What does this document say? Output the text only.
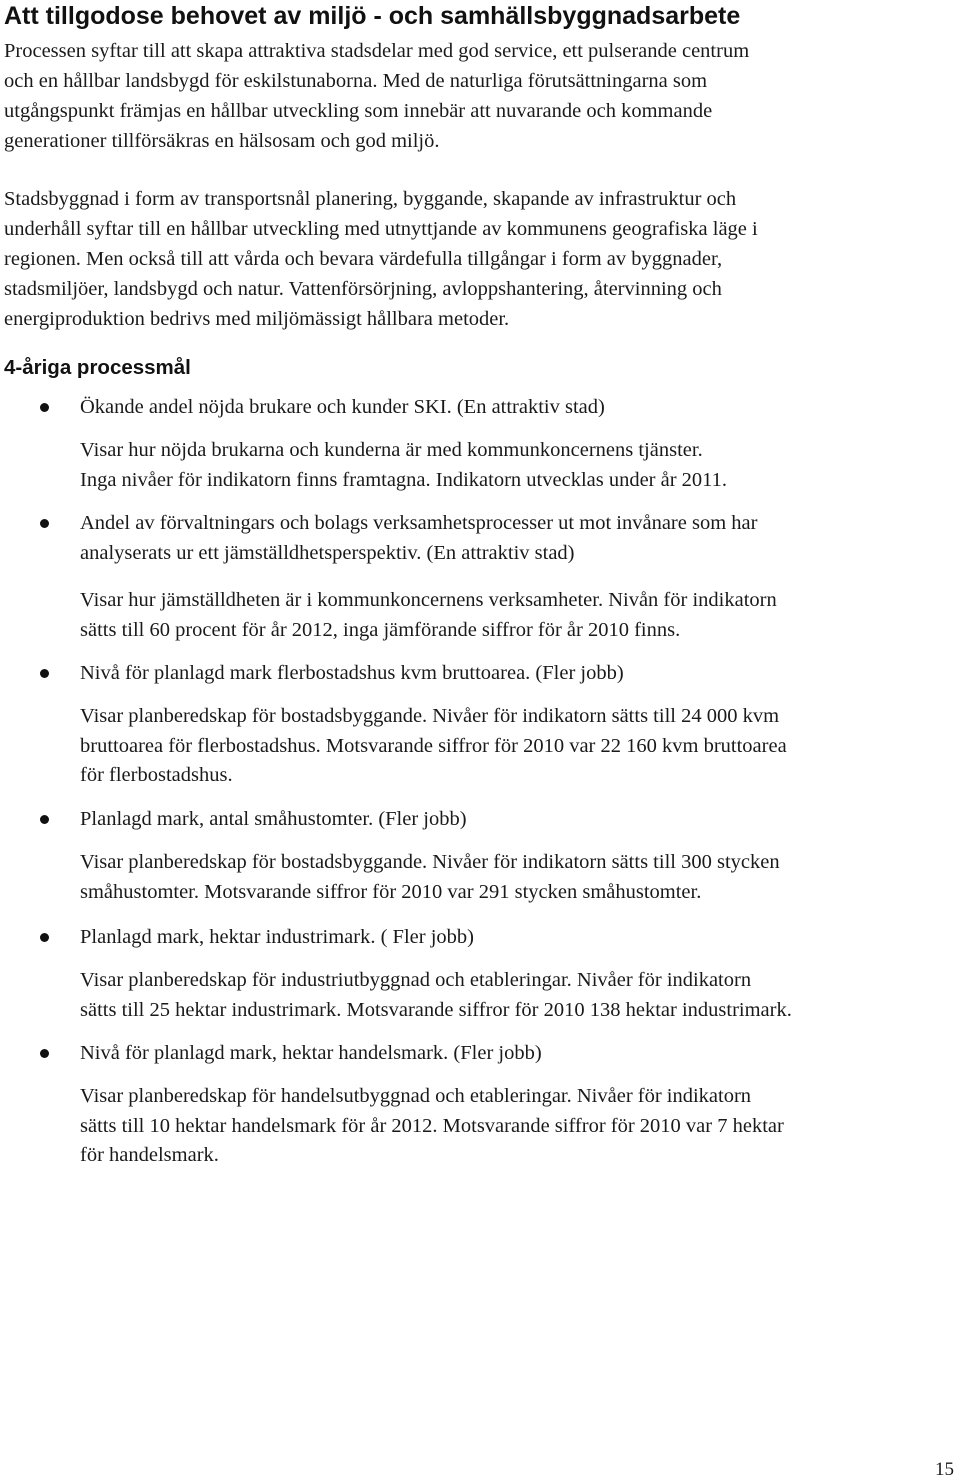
Att tillgodose behovet av miljö - och samhällsbyggnadsarbete

Processen syftar till att skapa attraktiva stadsdelar med god service, ett pulserande centrum
och en hållbar landsbygd för eskilstunaborna. Med de naturliga förutsättningarna som
utgångspunkt främjas en hållbar utveckling som innebär att nuvarande och kommande
generationer tillförsäkras en hälsosam och god miljö.

Stadsbyggnad i form av transportsnål planering, byggande, skapande av infrastruktur och
underhåll syftar till en hållbar utveckling med utnyttjande av kommunens geografiska läge i
regionen. Men också till att vårda och bevara värdefulla tillgångar i form av byggnader,
stadsmiljöer, landsbygd och natur. Vattenförsörjning, avloppshantering, återvinning och
energiproduktion bedrivs med miljömässigt hållbara metoder.

4-åriga processmål

Ökande andel nöjda brukare och kunder SKI. (En attraktiv stad)

Visar hur nöjda brukarna och kunderna är med kommunkoncernens tjänster.
Inga nivåer för indikatorn finns framtagna. Indikatorn utvecklas under år 2011.

Andel av förvaltningars och bolags verksamhetsprocesser ut mot invånare som har
analyserats ur ett jämställdhetsperspektiv. (En attraktiv stad)

Visar hur jämställdheten är i kommunkoncernens verksamheter. Nivån för indikatorn
sätts till 60 procent för år 2012, inga jämförande siffror för år 2010 finns.

Nivå för planlagd mark flerbostadshus kvm bruttoarea. (Fler jobb)

Visar planberedskap för bostadsbyggande. Nivåer för indikatorn sätts till 24 000 kvm
bruttoarea för flerbostadshus. Motsvarande siffror för 2010 var 22 160 kvm bruttoarea
för flerbostadshus.

Planlagd mark, antal småhustomter. (Fler jobb)

Visar planberedskap för bostadsbyggande. Nivåer för indikatorn sätts till 300 stycken
småhustomter. Motsvarande siffror för 2010 var 291 stycken småhustomter.

Planlagd mark, hektar industrimark. ( Fler jobb)

Visar planberedskap för industriutbyggnad och etableringar. Nivåer för indikatorn
sätts till 25 hektar industrimark. Motsvarande siffror för 2010 138 hektar industrimark.

Nivå för planlagd mark, hektar handelsmark. (Fler jobb)

Visar planberedskap för handelsutbyggnad och etableringar. Nivåer för indikatorn
sätts till 10 hektar handelsmark för år 2012. Motsvarande siffror för 2010 var 7 hektar
för handelsmark.

15
